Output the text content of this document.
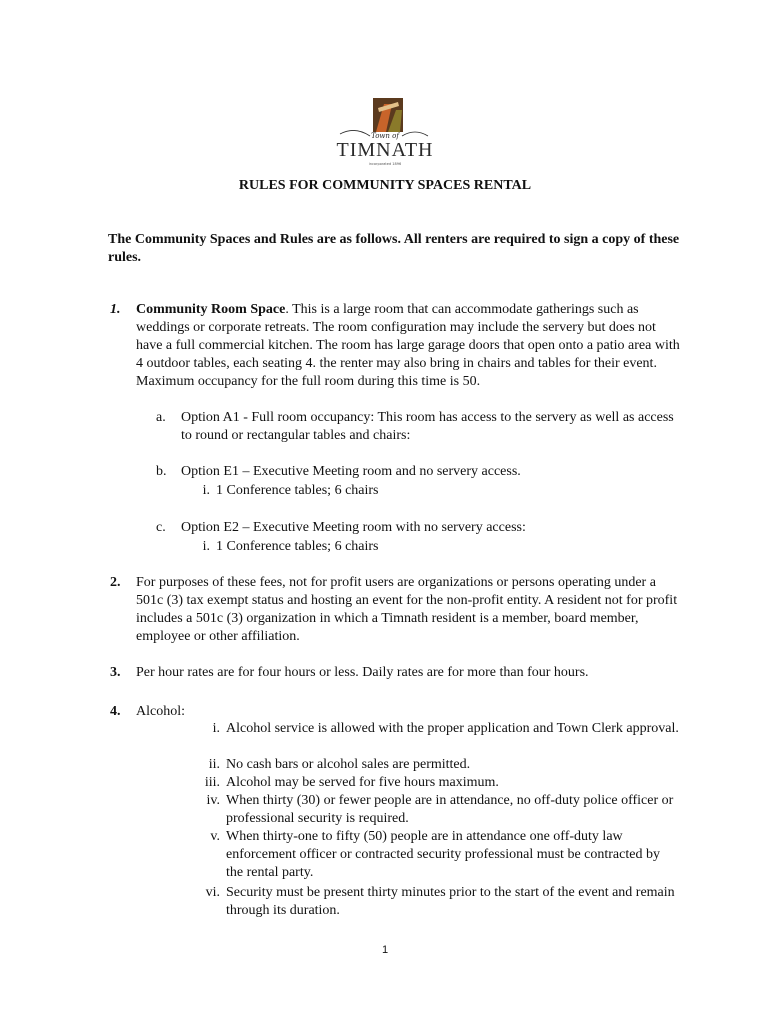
Town of
TIMNATH
incorporated 1896
RULES FOR COMMUNITY SPACES RENTAL
The Community Spaces and Rules are as follows. All renters are required to sign a copy of these rules.
1.	Community Room Space. This is a large room that can accommodate gatherings such as weddings or corporate retreats. The room configuration may include the servery but does not have a full commercial kitchen. The room has large garage doors that open onto a patio area with 4 outdoor tables, each seating 4. the renter may also bring in chairs and tables for their event. Maximum occupancy for the full room during this time is 50.
a.	Option A1 - Full room occupancy: This room has access to the servery as well as access to round or rectangular tables and chairs:
b.	Option E1 – Executive Meeting room and no servery access.
i. 1 Conference tables; 6 chairs
c.	Option E2 – Executive Meeting room with no servery access:
i. 1 Conference tables; 6 chairs
2.	For purposes of these fees, not for profit users are organizations or persons operating under a 501c (3) tax exempt status and hosting an event for the non-profit entity. A resident not for profit includes a 501c (3) organization in which a Timnath resident is a member, board member, employee or other affiliation.
3.	Per hour rates are for four hours or less. Daily rates are for more than four hours.
4.	Alcohol:
i. Alcohol service is allowed with the proper application and Town Clerk approval.
ii. No cash bars or alcohol sales are permitted.
iii. Alcohol may be served for five hours maximum.
iv. When thirty (30) or fewer people are in attendance, no off-duty police officer or professional security is required.
v. When thirty-one to fifty (50) people are in attendance one off-duty law enforcement officer or contracted security professional must be contracted by the rental party.
vi. Security must be present thirty minutes prior to the start of the event and remain through its duration.
1
